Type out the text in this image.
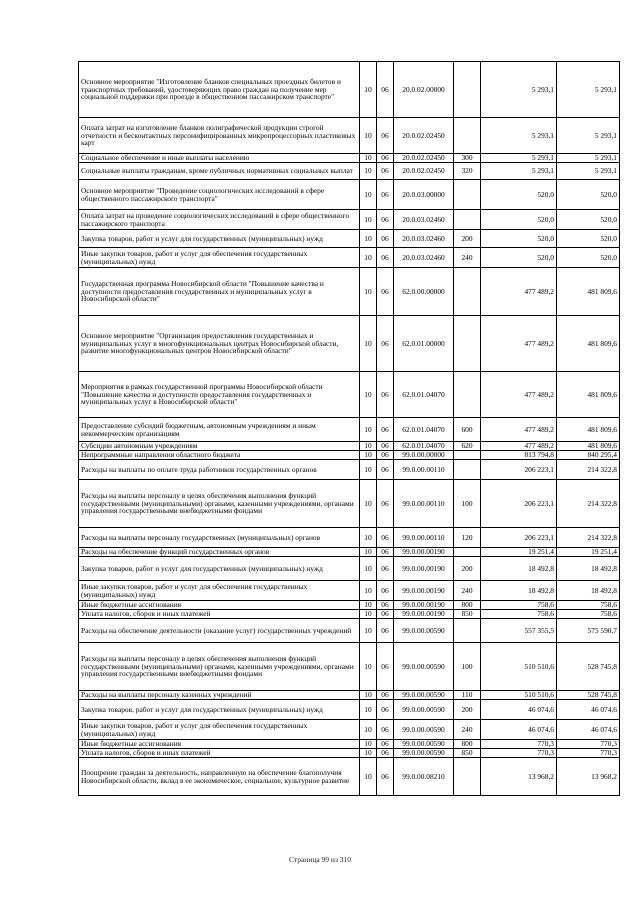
Основное мероприятие "Изготовление бланков специальных проездных билетов и транспортных требований, удостоверяющих право граждан на получение мер социальной поддержки при проезде в общественном пассажирском транспорте"	10	06	20.0.02.00000		5 293,1	5 293,1
Оплата затрат на изготовление бланков полиграфической продукции строгой отчетности и бесконтактных персонифицированных микропроцессорных пластиковых карт	10	06	20.0.02.02450		5 293,1	5 293,1
Социальное обеспечение и иные выплаты населению	10	06	20.0.02.02450	300	5 293,1	5 293,1
Социальные выплаты гражданам, кроме публичных нормативных социальных выплат	10	06	20.0.02.02450	320	5 293,1	5 293,1
Основное мероприятие "Проведение социологических исследований в сфере общественного пассажирского транспорта"	10	06	20.0.03.00000		520,0	520,0
Оплата затрат на проведение социологических исследований в сфере общественного пассажирского транспорта	10	06	20.0.03.02460		520,0	520,0
Закупка товаров, работ и услуг для государственных (муниципальных) нужд	10	06	20.0.03.02460	200	520,0	520,0
Иные закупки товаров, работ и услуг для обеспечения государственных (муниципальных) нужд	10	06	20.0.03.02460	240	520,0	520,0
Государственная программа Новосибирской области "Повышение качества и доступности предоставления государственных и муниципальных услуг в Новосибирской области"	10	06	62.0.00.00000		477 489,2	481 809,6
Основное мероприятие "Организация предоставления государственных и муниципальных услуг в многофункциональных центрах Новосибирской области, развитие многофункциональных центров Новосибирской области"	10	06	62.0.01.00000		477 489,2	481 809,6
Мероприятия в рамках государственной программы Новосибирской области "Повышение качества и доступности предоставления государственных и муниципальных услуг в Новосибирской области"	10	06	62.0.01.04070		477 489,2	481 809,6
Предоставление субсидий бюджетным, автономным учреждениям и иным некоммерческим организациям	10	06	62.0.01.04070	600	477 489,2	481 809,6
Субсидии автономным учреждениям	10	06	62.0.01.04070	620	477 489,2	481 809,6
Непрограммные направления областного бюджета	10	06	99.0.00.00000		813 794,8	840 295,4
Расходы на выплаты по оплате труда работников государственных органов	10	06	99.0.00.00110		206 223,1	214 322,8
Расходы на выплаты персоналу в целях обеспечения выполнения функций государственными (муниципальными) органами, казенными учреждениями, органами управления государственными внебюджетными фондами	10	06	99.0.00.00110	100	206 223,1	214 322,8
Расходы на выплаты персоналу государственных (муниципальных) органов	10	06	99.0.00.00110	120	206 223,1	214 322,8
Расходы на обеспечение функций государственных органов	10	06	99.0.00.00190		19 251,4	19 251,4
Закупка товаров, работ и услуг для государственных (муниципальных) нужд	10	06	99.0.00.00190	200	18 492,8	18 492,8
Иные закупки товаров, работ и услуг для обеспечения государственных (муниципальных) нужд	10	06	99.0.00.00190	240	18 492,8	18 492,8
Иные бюджетные ассигнования	10	06	99.0.00.00190	800	758,6	758,6
Уплата налогов, сборов и иных платежей	10	06	99.0.00.00190	850	758,6	758,6
Расходы на обеспечение деятельности (оказание услуг) государственных учреждений	10	06	99.0.00.00590		557 355,5	575 590,7
Расходы на выплаты персоналу в целях обеспечения выполнения функций государственными (муниципальными) органами, казенными учреждениями, органами управления государственными внебюджетными фондами	10	06	99.0.00.00590	100	510 510,6	528 745,8
Расходы на выплаты персоналу казенных учреждений	10	06	99.0.00.00590	110	510 510,6	528 745,8
Закупка товаров, работ и услуг для государственных (муниципальных) нужд	10	06	99.0.00.00590	200	46 074,6	46 074,6
Иные закупки товаров, работ и услуг для обеспечения государственных (муниципальных) нужд	10	06	99.0.00.00590	240	46 074,6	46 074,6
Иные бюджетные ассигнования	10	06	99.0.00.00590	800	770,3	770,3
Уплата налогов, сборов и иных платежей	10	06	99.0.00.00590	850	770,3	770,3
Поощрение граждан за деятельность, направленную на обеспечение благополучия Новосибирской области, вклад в ее экономическое, социальное, культурное развитие	10	06	99.0.00.08210		13 968,2	13 968,2
Страница 99 из 310
